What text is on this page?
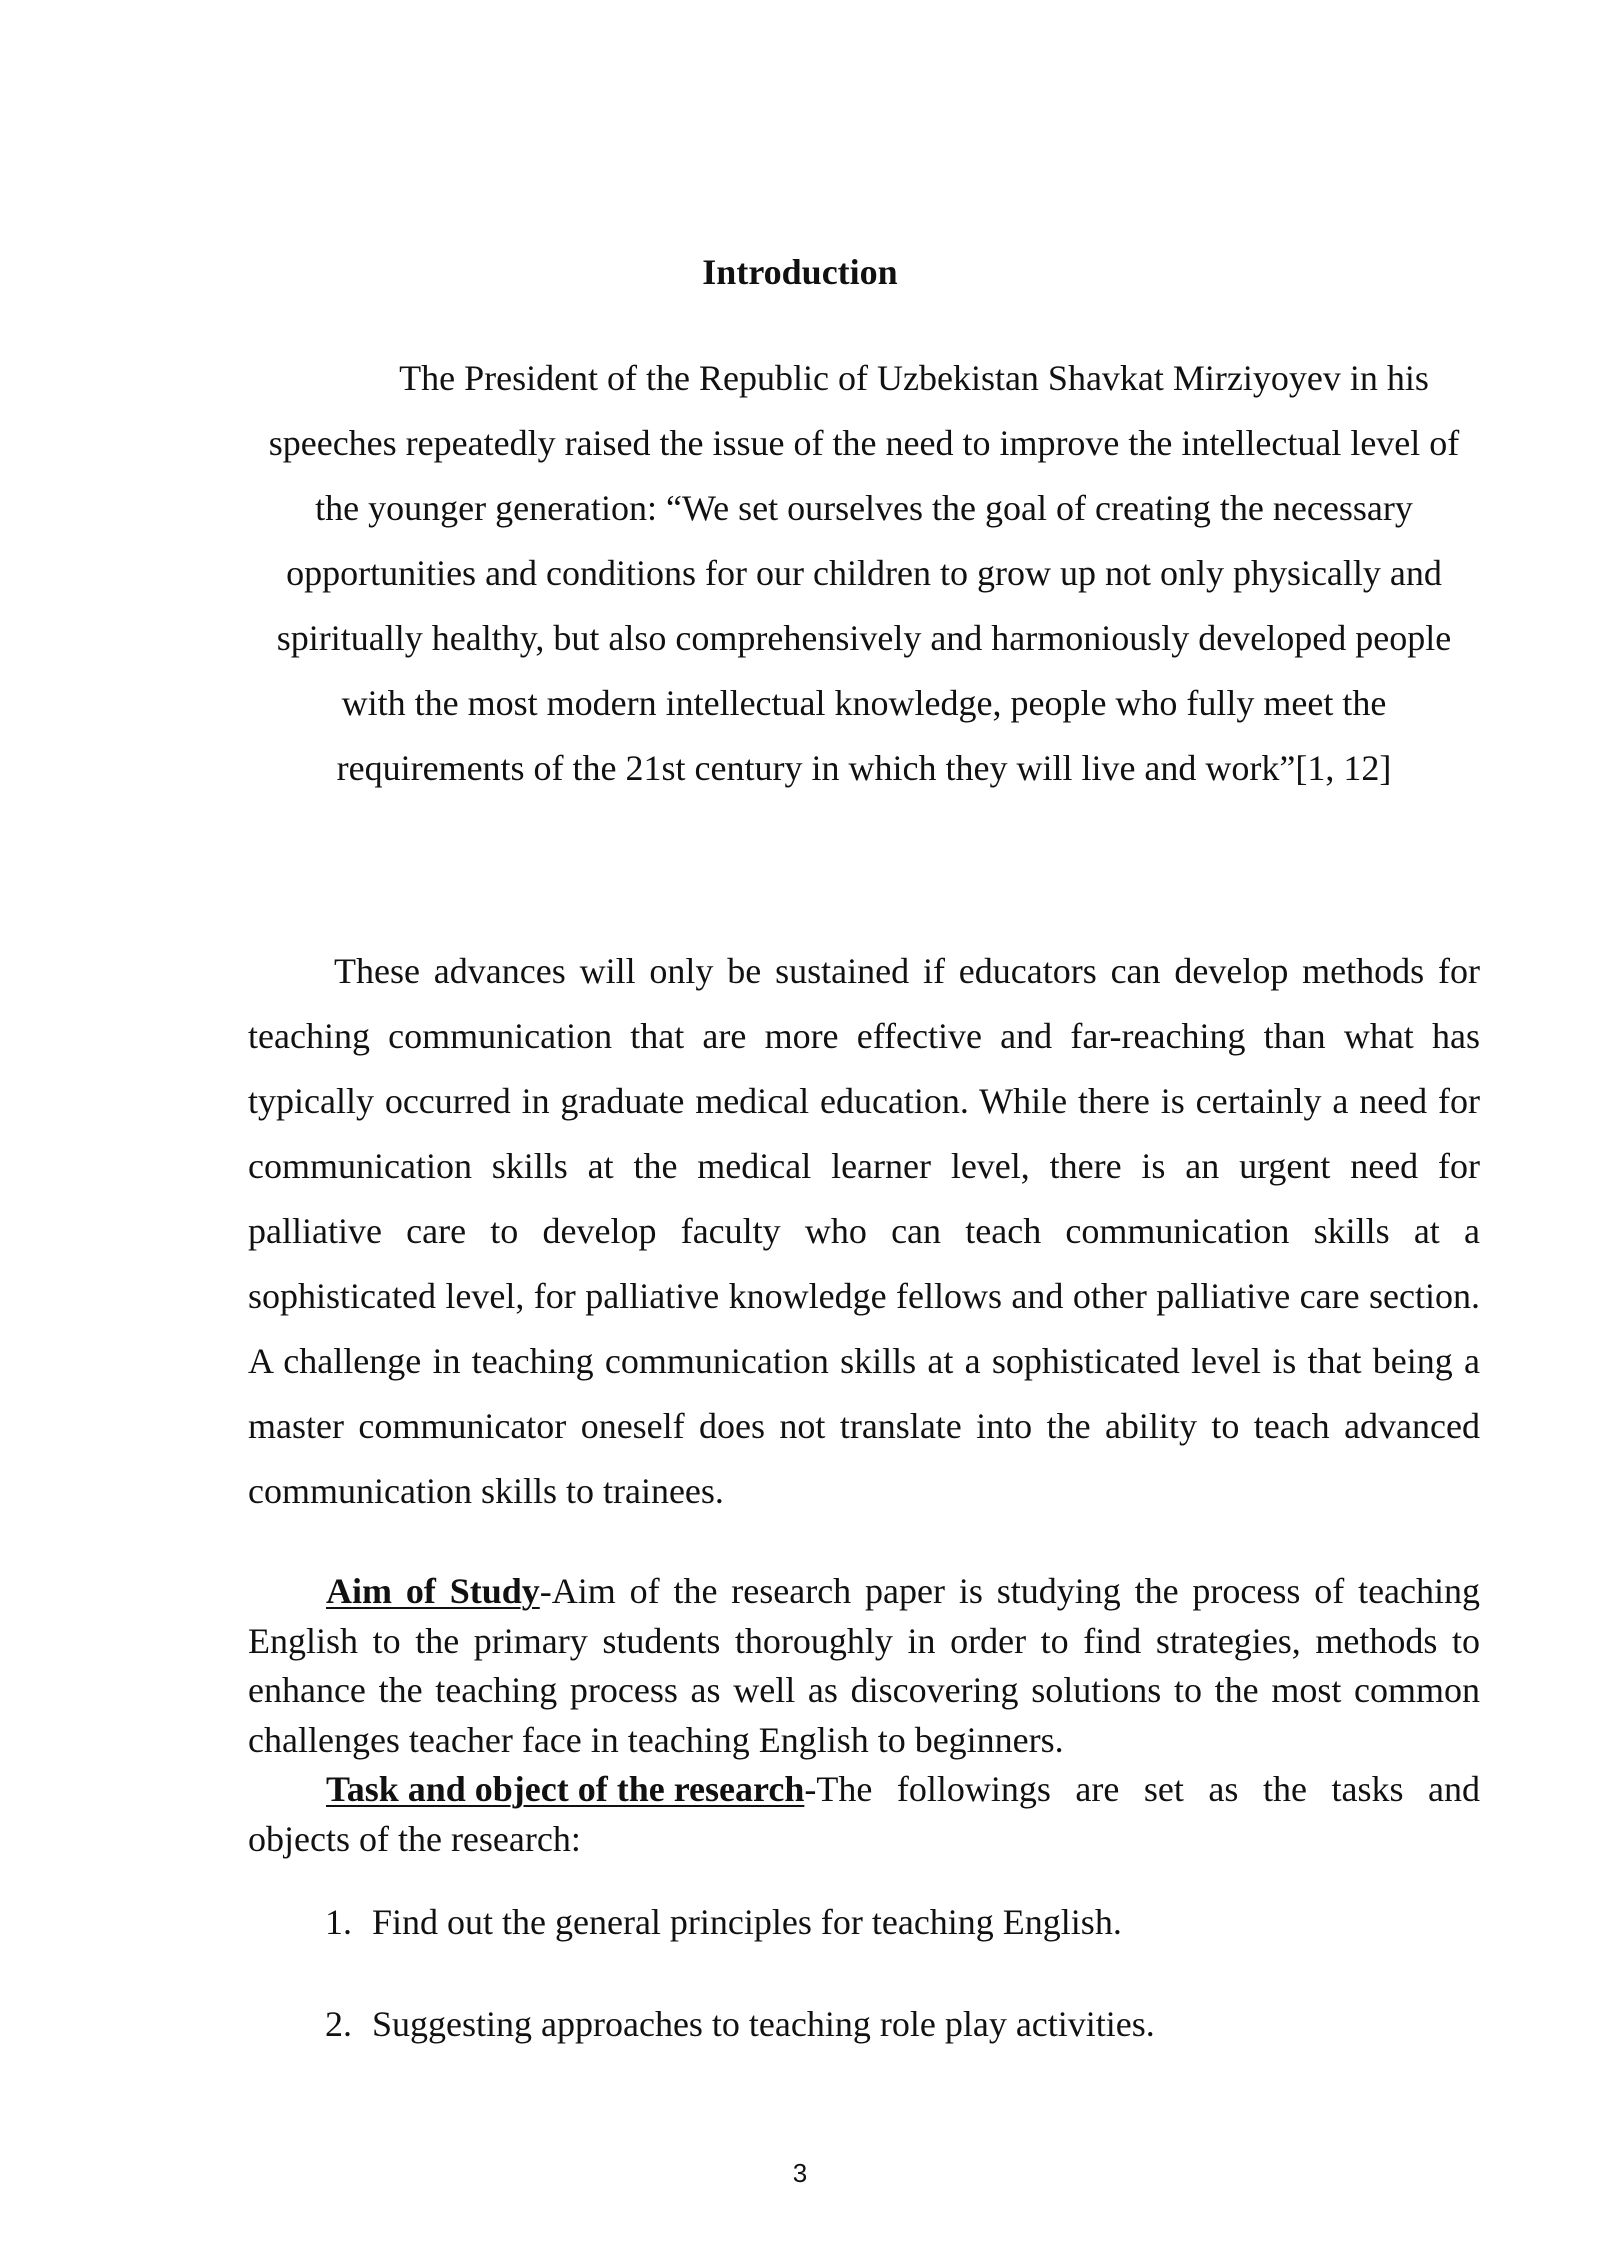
Introduction

The President of the Republic of Uzbekistan Shavkat Mirziyoyev in his speeches repeatedly raised the issue of the need to improve the intellectual level of the younger generation: “We set ourselves the goal of creating the necessary opportunities and conditions for our children to grow up not only physically and spiritually healthy, but also comprehensively and harmoniously developed people with the most modern intellectual knowledge, people who fully meet the requirements of the 21st century in which they will live and work”[1, 12]

These advances will only be sustained if educators can develop methods for teaching communication that are more effective and far-reaching than what has typically occurred in graduate medical education. While there is certainly a need for communication skills at the medical learner level, there is an urgent need for palliative care to develop faculty who can teach communication skills at a sophisticated level, for palliative knowledge fellows and other palliative care section. A challenge in teaching communication skills at a sophisticated level is that being a master communicator oneself does not translate into the ability to teach advanced communication skills to trainees.

Aim of Study-Aim of the research paper is studying the process of teaching English to the primary students thoroughly in order to find strategies, methods to enhance the teaching process as well as discovering solutions to the most common challenges teacher face in teaching English to beginners.
Task and object of the research-The followings are set as the tasks and objects of the research:

1. Find out the general principles for teaching English.
2. Suggesting approaches to teaching role play activities.
3
